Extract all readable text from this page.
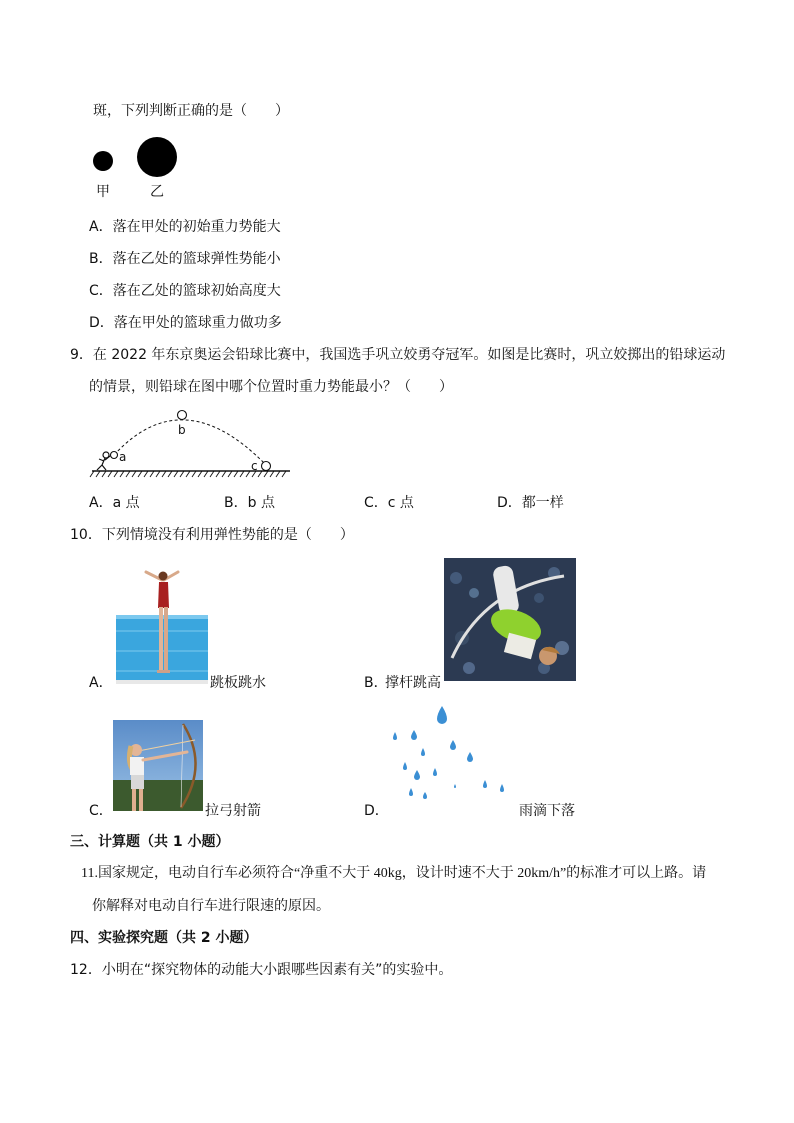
斑，下列判断正确的是（　　）
甲	乙
A．落在甲处的初始重力势能大
B．落在乙处的篮球弹性势能小
C．落在乙处的篮球初始高度大
D．落在甲处的篮球重力做功多
9．在 2022 年东京奥运会铅球比赛中，我国选手巩立姣勇夺冠军。如图是比赛时，巩立姣掷出的铅球运动
的情景，则铅球在图中哪个位置时重力势能最小？（　　）
a
b
c
A．a 点	B．b 点	C．c 点	D．都一样
10．下列情境没有利用弹性势能的是（　　）
A．	跳板跳水	B．
撑杆跳高
C．	拉弓射箭	D．	雨滴下落
三、计算题（共 1 小题）
11.国家规定，电动自行车必须符合“净重不大于 40kg，设计时速不大于 20km/h”的标准才可以上路。请
你解释对电动自行车进行限速的原因。
四、实验探究题（共 2 小题）
12．小明在“探究物体的动能大小跟哪些因素有关”的实验中。
